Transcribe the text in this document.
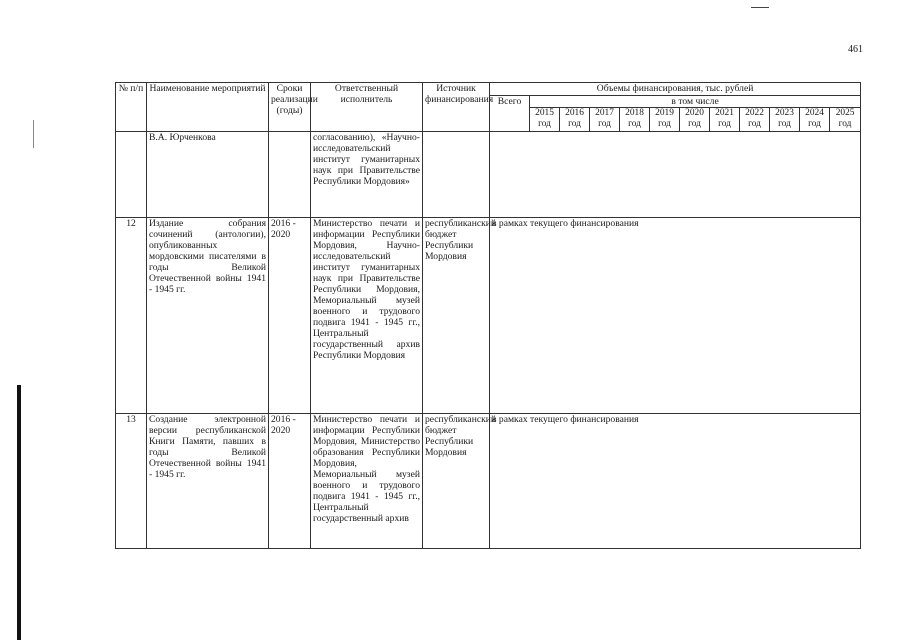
461
№ п/п	Наименование мероприятий	Сроки реализации (годы)	Ответственный исполнитель	Источник финансирования	Объемы финансирования, тыс. рублей											
					Всего	в том числе										
						2015 год	2016 год	2017 год	2018 год	2019 год	2020 год	2021 год	2022 год	2023 год	2024 год	2025 год
	В.А. Юрченкова		согласованию), «Научно-исследовательский институт гуманитарных наук при Правительстве Республики Мордовия»													
12	Издание собрания сочинений (антологии), опубликованных мордовскими писателями в годы Великой Отечественной войны 1941 - 1945 гг.	2016 - 2020	Министерство печати и информации Республики Мордовия, Научно-исследовательский институт гуманитарных наук при Правительстве Республики Мордовия, Мемориальный музей военного и трудового подвига 1941 - 1945 гг., Центральный государственный архив Республики Мордовия	республиканский бюджет Республики Мордовия	в рамках текущего финансирования											
13	Создание электронной версии республиканской Книги Памяти, павших в годы Великой Отечественной войны 1941 - 1945 гг.	2016 - 2020	Министерство печати и информации Республики Мордовия, Министерство образования Республики Мордовия, Мемориальный музей военного и трудового подвига 1941 - 1945 гг., Центральный государственный архив	республиканский бюджет Республики Мордовия	в рамках текущего финансирования											
